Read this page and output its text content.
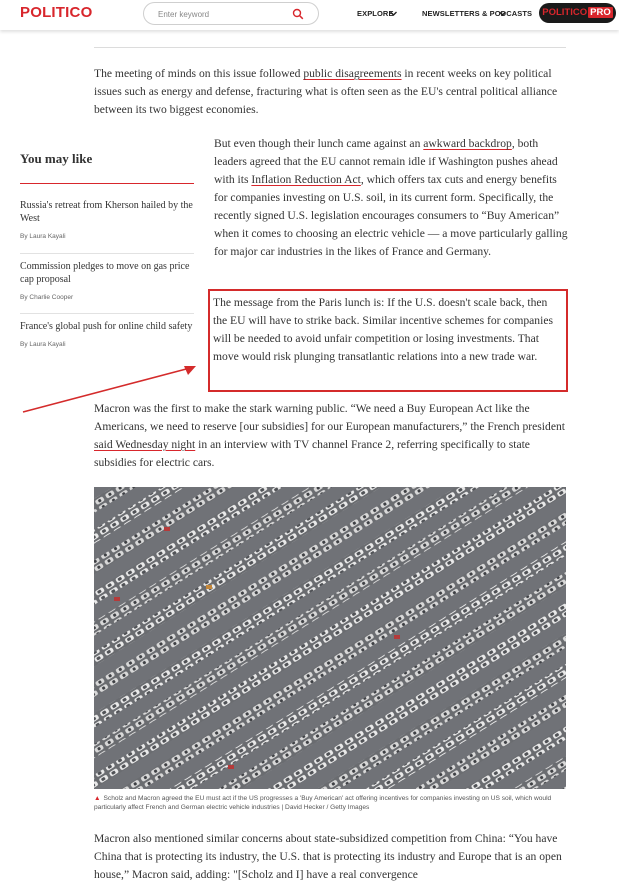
POLITICO
Enter keyword	EXPLORE	NEWSLETTERS & PODCASTS	POLITICO PRO

The meeting of minds on this issue followed public disagreements in recent weeks on key political issues such as energy and defense, fracturing what is often seen as the EU's central political alliance between its two biggest economies.

You may like
Russia's retreat from Kherson hailed by the West
By Laura Kayali
Commission pledges to move on gas price cap proposal
By Charlie Cooper
France's global push for online child safety
By Laura Kayali

But even though their lunch came against an awkward backdrop, both leaders agreed that the EU cannot remain idle if Washington pushes ahead with its Inflation Reduction Act, which offers tax cuts and energy benefits for companies investing on U.S. soil, in its current form. Specifically, the recently signed U.S. legislation encourages consumers to “Buy American” when it comes to choosing an electric vehicle — a move particularly galling for major car industries in the likes of France and Germany.

The message from the Paris lunch is: If the U.S. doesn't scale back, then the EU will have to strike back. Similar incentive schemes for companies will be needed to avoid unfair competition or losing investments. That move would risk plunging transatlantic relations into a new trade war.

Macron was the first to make the stark warning public. “We need a Buy European Act like the Americans, we need to reserve [our subsidies] for our European manufacturers,” the French president said Wednesday night in an interview with TV channel France 2, referring specifically to state subsidies for electric cars.

▲ Scholz and Macron agreed the EU must act if the US progresses a 'Buy American' act offering incentives for companies investing on US soil, which would particularly affect French and German electric vehicle industries | David Hecker / Getty Images

Macron also mentioned similar concerns about state-subsidized competition from China: “You have China that is protecting its industry, the U.S. that is protecting its industry and Europe that is an open house,” Macron said, adding: "[Scholz and I] have a real convergence
